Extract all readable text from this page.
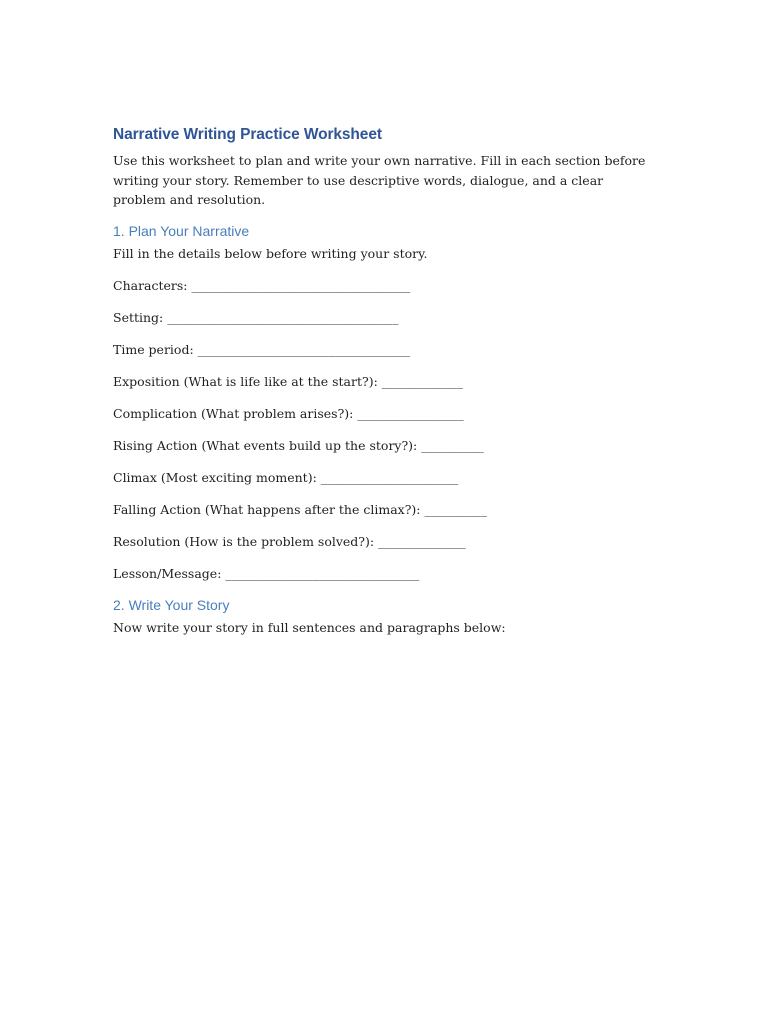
Narrative Writing Practice Worksheet

Use this worksheet to plan and write your own narrative. Fill in each section before writing your story. Remember to use descriptive words, dialogue, and a clear problem and resolution.

1. Plan Your Narrative

Fill in the details below before writing your story.

Characters: ___________________________________
Setting: _____________________________________
Time period: __________________________________
Exposition (What is life like at the start?): _____________
Complication (What problem arises?): _________________
Rising Action (What events build up the story?): __________
Climax (Most exciting moment): ______________________
Falling Action (What happens after the climax?): __________
Resolution (How is the problem solved?): ______________
Lesson/Message: _______________________________
2. Write Your Story

Now write your story in full sentences and paragraphs below:
